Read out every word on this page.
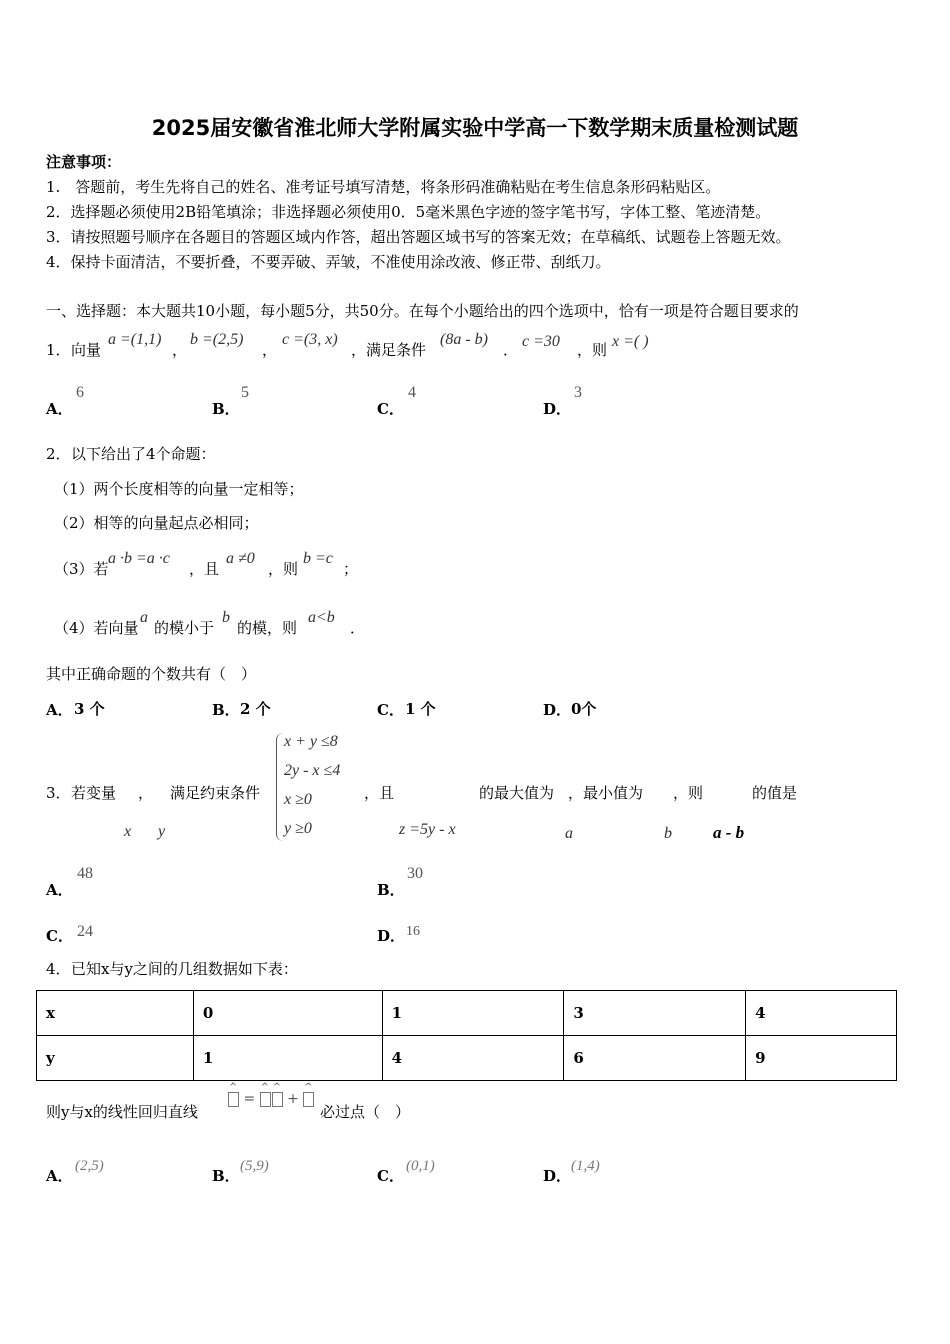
2025届安徽省淮北师大学附属实验中学高一下数学期末质量检测试题
注意事项：
1.　答题前，考生先将自己的姓名、准考证号填写清楚，将条形码准确粘贴在考生信息条形码粘贴区。
2．选择题必须使用2B铅笔填涂；非选择题必须使用0．5毫米黑色字迹的签字笔书写，字体工整、笔迹清楚。
3．请按照题号顺序在各题目的答题区域内作答，超出答题区域书写的答案无效；在草稿纸、试题卷上答题无效。
4．保持卡面清洁，不要折叠，不要弄破、弄皱，不准使用涂改液、修正带、刮纸刀。
一、选择题：本大题共10小题，每小题5分，共50分。在每个小题给出的四个选项中，恰有一项是符合题目要求的
1． 向量
a =(1,1)
，
b =(2,5)
，
c =(3, x)
，满足条件
(8a - b)
． c =30 ，则 x =( )
A．
6
B．
5
C．
4
D．
3
2． 以下给出了4个命题：
（1）两个长度相等的向量一定相等；
（2）相等的向量起点必相同；
（3）若
a ·b =a ·c
，且
a ≠0
，则
b =c
；
（4）若向量
a
的模小于
b
的模，则
a<b
．
其中正确命题的个数共有（　）
A． 3 个	B． 2 个	C． 1 个	D． 0个
3． 若变量 ， 满足约束条件
x + y ≤8
2y - x ≤4
x ≥0
y ≥0
，且	的最大值为 ，最小值为 ，则	的值是
x y	z =5y - x	a	b a - b
A．
48
B．
30
C． 24	D． 16
4． 已知x与y之间的几组数据如下表：
x	0	1	3	4
y	1	4	6	9
则y与x的线性回归直线
^ = ^ ^ + ^
必过点（　）
A．
(2,5)
B．
(5,9)
C．
(0,1)
D．
(1,4)
